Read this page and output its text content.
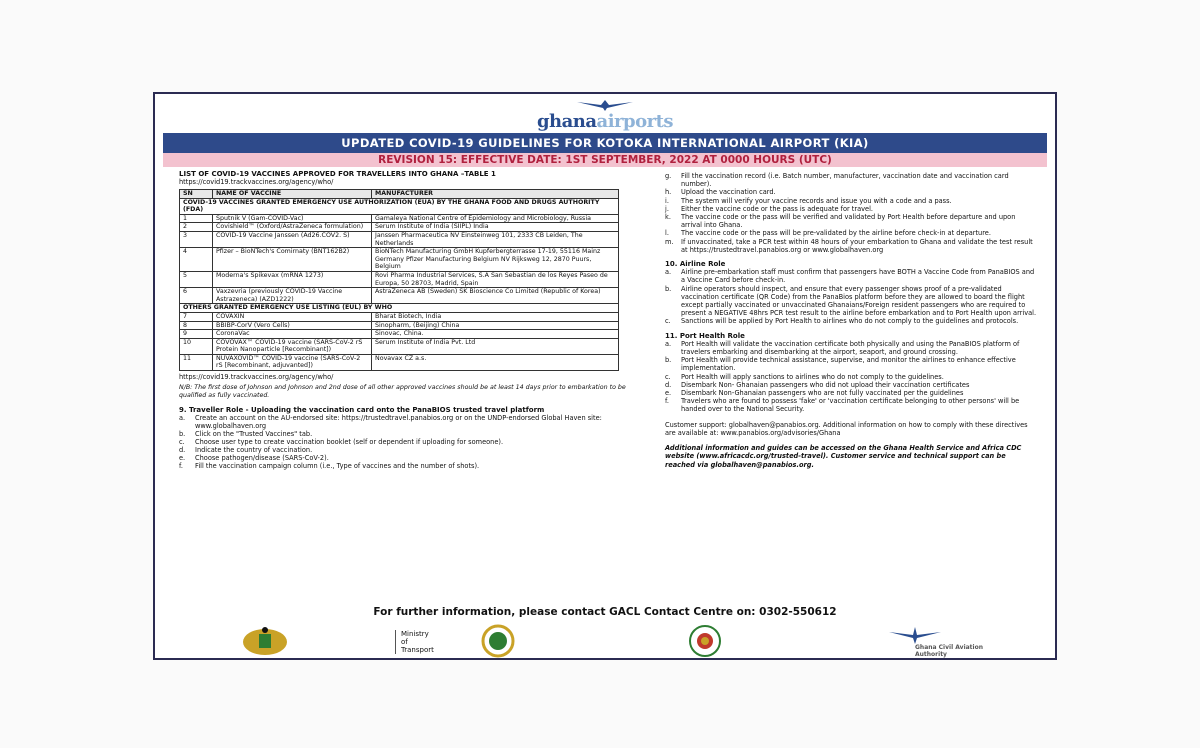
ghanaairports
UPDATED COVID-19 GUIDELINES FOR KOTOKA INTERNATIONAL AIRPORT (KIA)
REVISION 15: EFFECTIVE DATE: 1ST SEPTEMBER, 2022 AT 0000 HOURS (UTC)
LIST OF COVID-19 VACCINES APPROVED FOR TRAVELLERS INTO GHANA –TABLE 1
https://covid19.trackvaccines.org/agency/who/
SN	NAME OF VACCINE	MANUFACTURER
COVID-19 VACCINES GRANTED EMERGENCY USE AUTHORIZATION (EUA) BY THE GHANA FOOD AND DRUGS AUTHORITY (FDA)		
1	Sputnik V (Gam-COVID-Vac)	Gamaleya National Centre of Epidemiology and Microbiology, Russia
2	Covishield™ (Oxford/AstraZeneca formulation)	Serum Institute of India (SIIPL) India
3	COVID-19 Vaccine Janssen (Ad26.COV2. S)	Janssen Pharmaceutica NV Einsteinweg 101, 2333 CB Leiden, The Netherlands
4	Pfizer – BioNTech's Comirnaty (BNT162B2)	BioNTech Manufacturing GmbH Kupferbergterrasse 17-19, 55116 Mainz Germany Pfizer Manufacturing Belgium NV Rijksweg 12, 2870 Puurs, Belgium
5	Moderna's Spikevax (mRNA 1273)	Rovi Pharma Industrial Services, S.A San Sebastian de los Reyes Paseo de Europa, 50 28703, Madrid, Spain
6	Vaxzevria (previously COVID-19 Vaccine Astrazeneca) (AZD1222)	AstraZeneca AB (Sweden) SK Bioscience Co Limited (Republic of Korea)
OTHERS GRANTED EMERGENCY USE LISTING (EUL) BY WHO		
7	COVAXIN	Bharat Biotech, India
8	BBIBP-CorV (Vero Cells)	Sinopharm, (Beijing) China
9	CoronaVac	Sinovac, China.
10	COVOVAX™ COVID-19 vaccine (SARS-CoV-2 rS Protein Nanoparticle [Recombinant])	Serum Institute of India Pvt. Ltd
11	NUVAXOVID™ COVID-19 vaccine (SARS-CoV-2 rS [Recombinant, adjuvanted])	Novavax CZ a.s.
https://covid19.trackvaccines.org/agency/who/
N/B: The first dose of Johnson and Johnson and 2nd dose of all other approved vaccines should be at least 14 days prior to embarkation to be qualified as fully vaccinated.
9. Traveller Role - Uploading the vaccination card onto the PanaBIOS trusted travel platform
a.	Create an account on the AU-endorsed site: https://trustedtravel.panabios.org or on the UNDP-endorsed Global Haven site: www.globalhaven.org
b.	Click on the "Trusted Vaccines" tab.
c.	Choose user type to create vaccination booklet (self or dependent if uploading for someone).
d.	Indicate the country of vaccination.
e.	Choose pathogen/disease (SARS-CoV-2).
f.	Fill the vaccination campaign column (i.e., Type of vaccines and the number of shots).
g.	Fill the vaccination record (i.e. Batch number, manufacturer, vaccination date and vaccination card number).
h.	Upload the vaccination card.
i.	The system will verify your vaccine records and issue you with a code and a pass.
j.	Either the vaccine code or the pass is adequate for travel.
k.	The vaccine code or the pass will be verified and validated by Port Health before departure and upon arrival into Ghana.
l.	The vaccine code or the pass will be pre-validated by the airline before check-in at departure.
m. If unvaccinated, take a PCR test within 48 hours of your embarkation to Ghana and validate the test result at https://trustedtravel.panabios.org or www.globalhaven.org
10. Airline Role
a.	Airline pre-embarkation staff must confirm that passengers have BOTH a Vaccine Code from PanaBIOS and a Vaccine Card before check-in.
b.	Airline operators should inspect, and ensure that every passenger shows proof of a pre-validated vaccination certificate (QR Code) from the PanaBios platform before they are allowed to board the flight except partially vaccinated or unvaccinated Ghanaians/Foreign resident passengers who are required to present a NEGATIVE 48hrs PCR test result to the airline before embarkation and to Port Health upon arrival.
c.	Sanctions will be applied by Port Health to airlines who do not comply to the guidelines and protocols.
11. Port Health Role
a.	Port Health will validate the vaccination certificate both physically and using the PanaBIOS platform of travelers embarking and disembarking at the airport, seaport, and ground crossing.
b.	Port Health will provide technical assistance, supervise, and monitor the airlines to enhance effective implementation.
c.	Port Health will apply sanctions to airlines who do not comply to the guidelines.
d.	Disembark Non- Ghanaian passengers who did not upload their vaccination certificates
e.	Disembark Non-Ghanaian passengers who are not fully vaccinated per the guidelines
f.	Travelers who are found to possess 'fake' or 'vaccination certificate belonging to other persons' will be handed over to the National Security.
Customer support: globalhaven@panabios.org. Additional information on how to comply with these directives are available at: www.panabios.org/advisories/Ghana
Additional information and guides can be accessed on the Ghana Health Service and Africa CDC website (www.africacdc.org/trusted-travel). Customer service and technical support can be reached via globalhaven@panabios.org.
For further information, please contact GACL Contact Centre on: 0302-550612
Ministry
of
Transport	Ghana Civil Aviation Authority
